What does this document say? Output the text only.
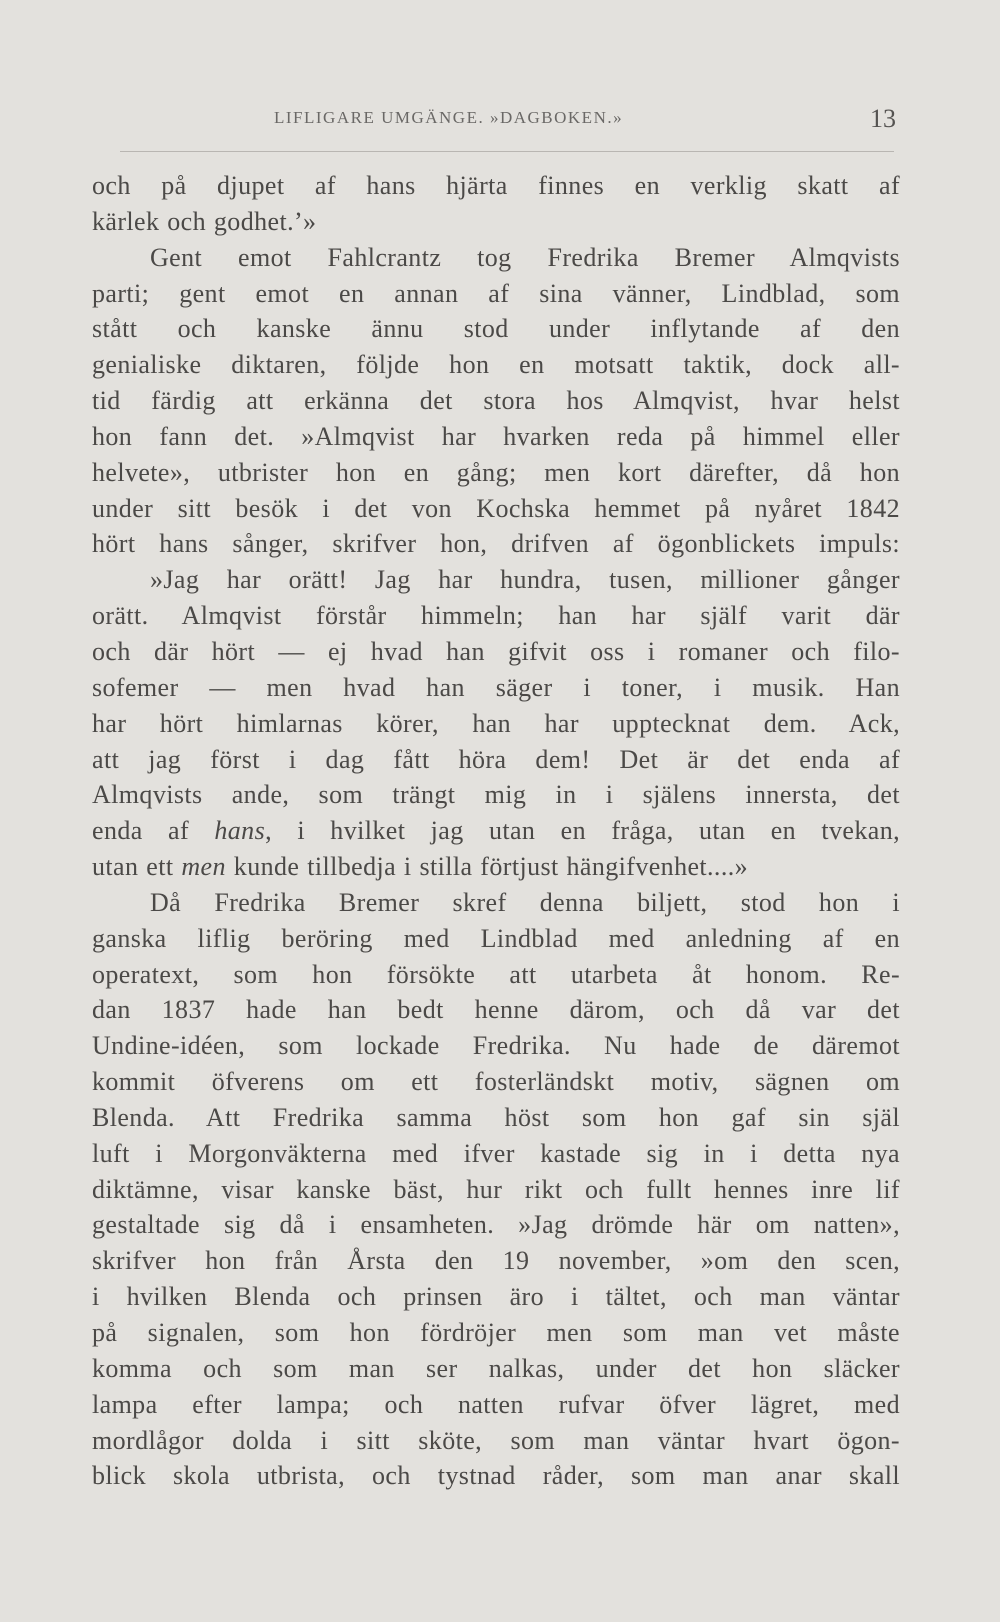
LIFLIGARE UMGÄNGE. »DAGBOKEN.»	13
och på djupet af hans hjärta finnes en verklig skatt af
kärlek och godhet.’»
Gent emot Fahlcrantz tog Fredrika Bremer Almqvists
parti; gent emot en annan af sina vänner, Lindblad, som
stått och kanske ännu stod under inflytande af den
genialiske diktaren, följde hon en motsatt taktik, dock all-
tid färdig att erkänna det stora hos Almqvist, hvar helst
hon fann det. »Almqvist har hvarken reda på himmel eller
helvete», utbrister hon en gång; men kort därefter, då hon
under sitt besök i det von Kochska hemmet på nyåret 1842
hört hans sånger, skrifver hon, drifven af ögonblickets impuls:
»Jag har orätt! Jag har hundra, tusen, millioner gånger
orätt. Almqvist förstår himmeln; han har själf varit där
och där hört — ej hvad han gifvit oss i romaner och filo-
sofemer — men hvad han säger i toner, i musik. Han
har hört himlarnas körer, han har upptecknat dem. Ack,
att jag först i dag fått höra dem! Det är det enda af
Almqvists ande, som trängt mig in i själens innersta, det
enda af hans, i hvilket jag utan en fråga, utan en tvekan,
utan ett men kunde tillbedja i stilla förtjust hängifvenhet....»
Då Fredrika Bremer skref denna biljett, stod hon i
ganska liflig beröring med Lindblad med anledning af en
operatext, som hon försökte att utarbeta åt honom. Re-
dan 1837 hade han bedt henne därom, och då var det
Undine-idéen, som lockade Fredrika. Nu hade de däremot
kommit öfverens om ett fosterländskt motiv, sägnen om
Blenda. Att Fredrika samma höst som hon gaf sin själ
luft i Morgonväkterna med ifver kastade sig in i detta nya
diktämne, visar kanske bäst, hur rikt och fullt hennes inre lif
gestaltade sig då i ensamheten. »Jag drömde här om natten»,
skrifver hon från Årsta den 19 november, »om den scen,
i hvilken Blenda och prinsen äro i tältet, och man väntar
på signalen, som hon fördröjer men som man vet måste
komma och som man ser nalkas, under det hon släcker
lampa efter lampa; och natten rufvar öfver lägret, med
mordlågor dolda i sitt sköte, som man väntar hvart ögon-
blick skola utbrista, och tystnad råder, som man anar skall
